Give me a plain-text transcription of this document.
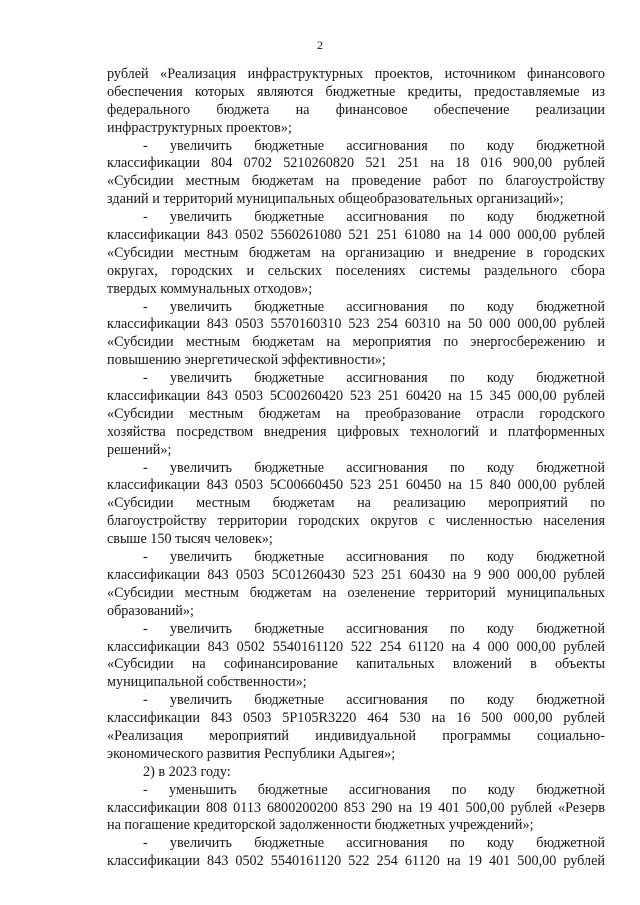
2
рублей «Реализация инфраструктурных проектов, источником финансового
обеспечения которых являются бюджетные кредиты, предоставляемые из
федерального бюджета на финансовое обеспечение реализации
инфраструктурных проектов»;
- увеличить бюджетные ассигнования по коду бюджетной
классификации 804 0702 5210260820 521 251 на 18 016 900,00 рублей
«Субсидии местным бюджетам на проведение работ по благоустройству
зданий и территорий муниципальных общеобразовательных организаций»;
- увеличить бюджетные ассигнования по коду бюджетной
классификации 843 0502 5560261080 521 251 61080 на 14 000 000,00 рублей
«Субсидии местным бюджетам на организацию и внедрение в городских
округах, городских и сельских поселениях системы раздельного сбора
твердых коммунальных отходов»;
- увеличить бюджетные ассигнования по коду бюджетной
классификации 843 0503 5570160310 523 254 60310 на 50 000 000,00 рублей
«Субсидии местным бюджетам на мероприятия по энергосбережению и
повышению энергетической эффективности»;
- увеличить бюджетные ассигнования по коду бюджетной
классификации 843 0503 5С00260420 523 251 60420 на 15 345 000,00 рублей
«Субсидии местным бюджетам на преобразование отрасли городского
хозяйства посредством внедрения цифровых технологий и платформенных
решений»;
- увеличить бюджетные ассигнования по коду бюджетной
классификации 843 0503 5С00660450 523 251 60450 на 15 840 000,00 рублей
«Субсидии местным бюджетам на реализацию мероприятий по
благоустройству территории городских округов с численностью населения
свыше 150 тысяч человек»;
- увеличить бюджетные ассигнования по коду бюджетной
классификации 843 0503 5С01260430 523 251 60430 на 9 900 000,00 рублей
«Субсидии местным бюджетам на озеленение территорий муниципальных
образований»;
- увеличить бюджетные ассигнования по коду бюджетной
классификации 843 0502 5540161120 522 254 61120 на 4 000 000,00 рублей
«Субсидии на софинансирование капитальных вложений в объекты
муниципальной собственности»;
- увеличить бюджетные ассигнования по коду бюджетной
классификации 843 0503 5Р105R3220 464 530 на 16 500 000,00 рублей
«Реализация мероприятий индивидуальной программы социально-
экономического развития Республики Адыгея»;
2) в 2023 году:
- уменьшить бюджетные ассигнования по коду бюджетной
классификации 808 0113 6800200200 853 290 на 19 401 500,00 рублей «Резерв
на погашение кредиторской задолженности бюджетных учреждений»;
- увеличить бюджетные ассигнования по коду бюджетной
классификации 843 0502 5540161120 522 254 61120 на 19 401 500,00 рублей
